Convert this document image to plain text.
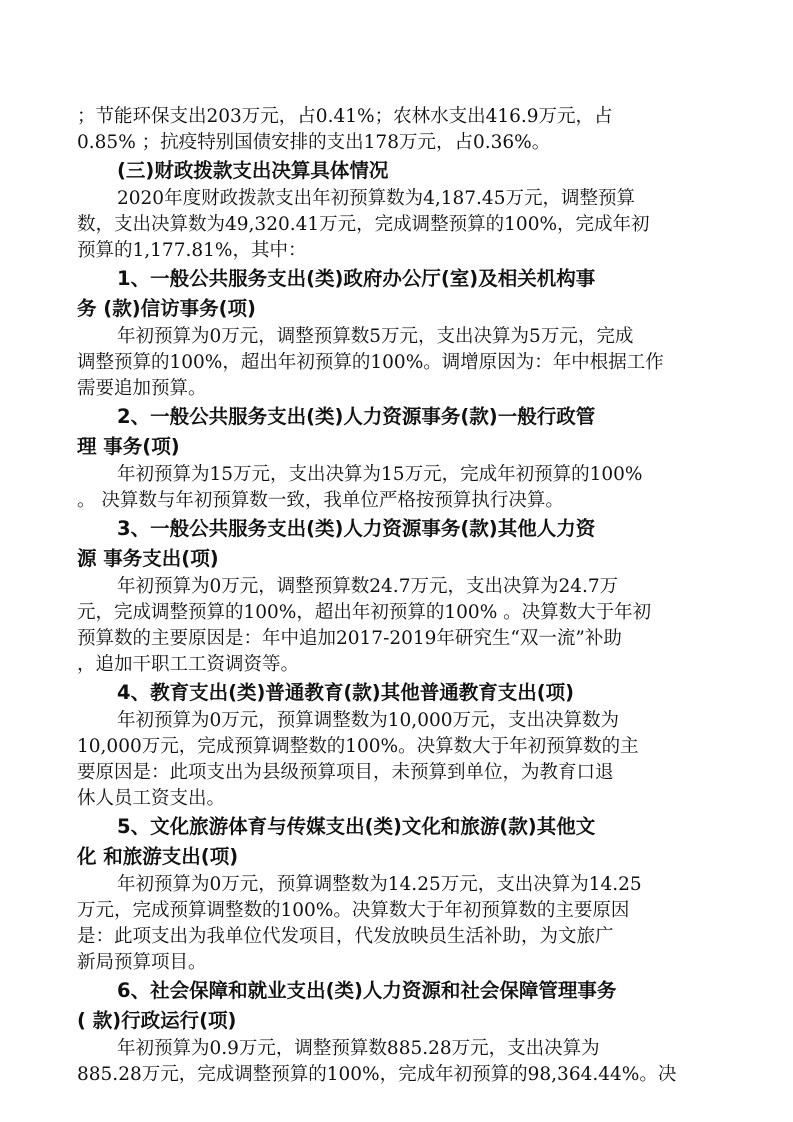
；节能环保支出203万元，占0.41%；农林水支出416.9万元，占
0.85% ；抗疫特别国债安排的支出178万元，占0.36%。
(三)财政拨款支出决算具体情况
2020年度财政拨款支出年初预算数为4,187.45万元，调整预算
数，支出决算数为49,320.41万元，完成调整预算的100%，完成年初
预算的1,177.81%，其中：
1、一般公共服务支出(类)政府办公厅(室)及相关机构事
务 (款)信访事务(项)
年初预算为0万元，调整预算数5万元，支出决算为5万元，完成
调整预算的100%，超出年初预算的100%。调增原因为：年中根据工作
需要追加预算。
2、一般公共服务支出(类)人力资源事务(款)一般行政管
理 事务(项)
年初预算为15万元，支出决算为15万元，完成年初预算的100%
。 决算数与年初预算数一致，我单位严格按预算执行决算。
3、一般公共服务支出(类)人力资源事务(款)其他人力资
源 事务支出(项)
年初预算为0万元，调整预算数24.7万元，支出决算为24.7万
元，完成调整预算的100%，超出年初预算的100% 。决算数大于年初
预算数的主要原因是：年中追加2017-2019年研究生“双一流”补助
，追加干职工工资调资等。
4、教育支出(类)普通教育(款)其他普通教育支出(项)
年初预算为0万元，预算调整数为10,000万元，支出决算数为
10,000万元，完成预算调整数的100%。决算数大于年初预算数的主
要原因是：此项支出为县级预算项目，未预算到单位，为教育口退
休人员工资支出。
5、文化旅游体育与传媒支出(类)文化和旅游(款)其他文
化 和旅游支出(项)
年初预算为0万元，预算调整数为14.25万元，支出决算为14.25
万元，完成预算调整数的100%。决算数大于年初预算数的主要原因
是：此项支出为我单位代发项目，代发放映员生活补助，为文旅广
新局预算项目。
6、社会保障和就业支出(类)人力资源和社会保障管理事务
( 款)行政运行(项)
年初预算为0.9万元，调整预算数885.28万元，支出决算为
885.28万元，完成调整预算的100%，完成年初预算的98,364.44%。决
